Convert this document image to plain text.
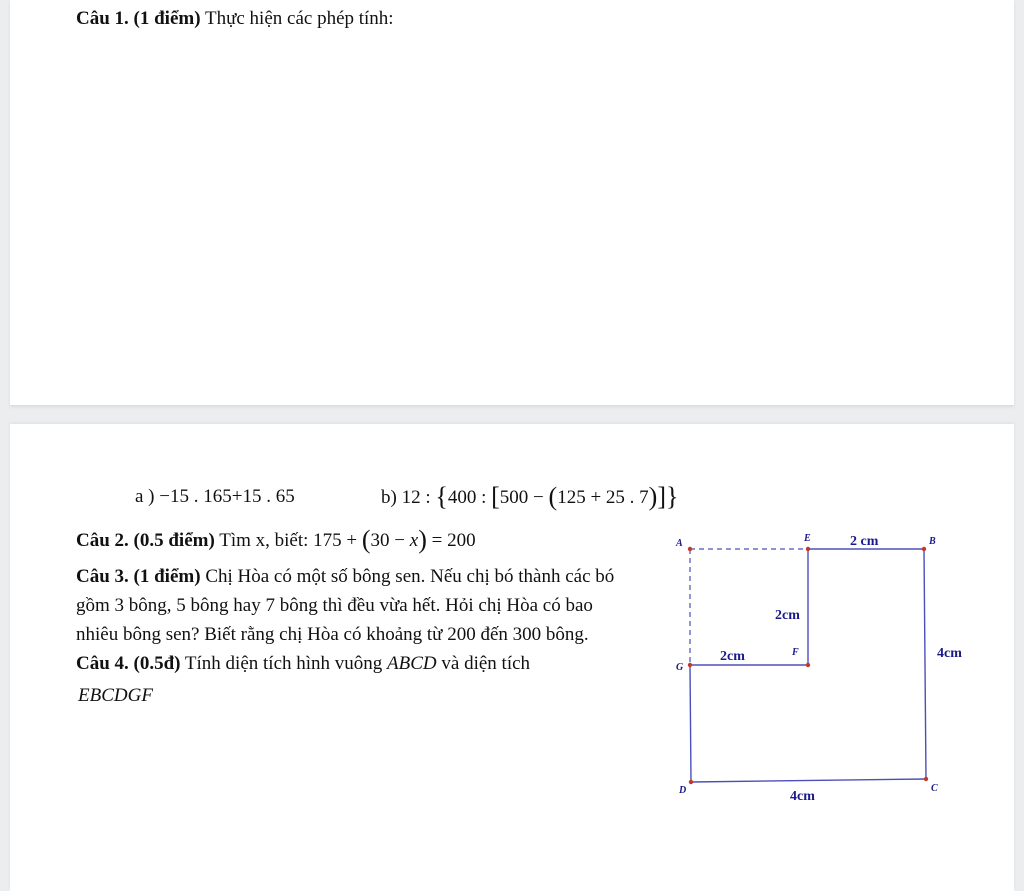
Câu 1. (1 điểm) Thực hiện các phép tính:
a ) −15 . 165+15 . 65	b) 12 : {400 : [500 − (125 + 25 . 7)]}
Câu 2. (0.5 điểm) Tìm x, biết: 175 + (30 − x) = 200
Câu 3. (1 điểm) Chị Hòa có một số bông sen. Nếu chị bó thành các bó
gồm 3 bông, 5 bông hay 7 bông thì đều vừa hết. Hỏi chị Hòa có bao
nhiêu bông sen? Biết rằng chị Hòa có khoảng từ 200 đến 300 bông.
Câu 4. (0.5đ) Tính diện tích hình vuông ABCD và diện tích
EBCDGF
A	E	B
G
F
D	C
2 cm
2cm
2cm	4cm
4cm
